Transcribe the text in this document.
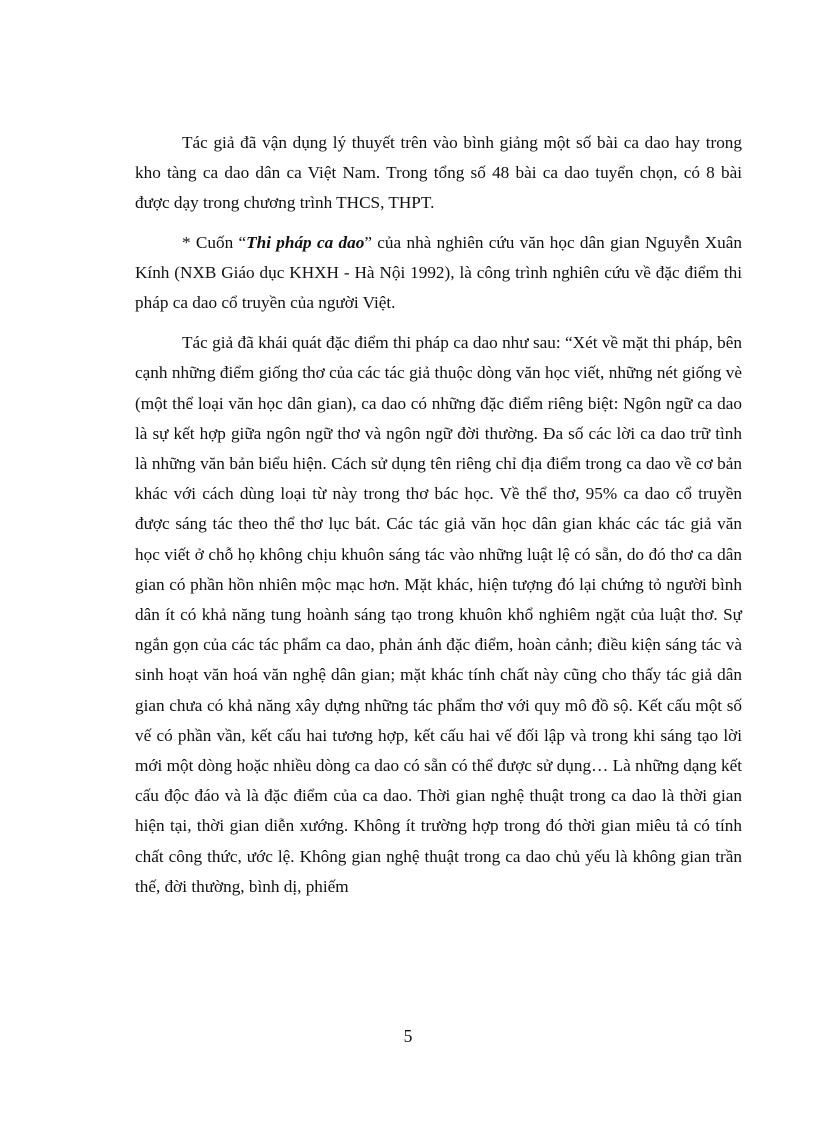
Tác giả đã vận dụng lý thuyết trên vào bình giảng một số bài ca dao hay trong kho tàng ca dao dân ca Việt Nam. Trong tổng số 48 bài ca dao tuyển chọn, có 8 bài được dạy trong chương trình THCS, THPT.

* Cuốn “Thi pháp ca dao” của nhà nghiên cứu văn học dân gian Nguyễn Xuân Kính (NXB Giáo dục KHXH - Hà Nội 1992), là công trình nghiên cứu về đặc điểm thi pháp ca dao cổ truyền của người Việt.

Tác giả đã khái quát đặc điểm thi pháp ca dao như sau: “Xét về mặt thi pháp, bên cạnh những điểm giống thơ của các tác giả thuộc dòng văn học viết, những nét giống vè (một thể loại văn học dân gian), ca dao có những đặc điểm riêng biệt: Ngôn ngữ ca dao là sự kết hợp giữa ngôn ngữ thơ và ngôn ngữ đời thường. Đa số các lời ca dao trữ tình là những văn bản biểu hiện. Cách sử dụng tên riêng chỉ địa điểm trong ca dao về cơ bản khác với cách dùng loại từ này trong thơ bác học. Về thể thơ, 95% ca dao cổ truyền được sáng tác theo thể thơ lục bát. Các tác giả văn học dân gian khác các tác giả văn học viết ở chỗ họ không chịu khuôn sáng tác vào những luật lệ có sẵn, do đó thơ ca dân gian có phần hồn nhiên mộc mạc hơn. Mặt khác, hiện tượng đó lại chứng tỏ người bình dân ít có khả năng tung hoành sáng tạo trong khuôn khổ nghiêm ngặt của luật thơ. Sự ngắn gọn của các tác phẩm ca dao, phản ánh đặc điểm, hoàn cảnh; điều kiện sáng tác và sinh hoạt văn hoá văn nghệ dân gian; mặt khác tính chất này cũng cho thấy tác giả dân gian chưa có khả năng xây dựng những tác phẩm thơ với quy mô đồ sộ. Kết cấu một số vế có phần vần, kết cấu hai tương hợp, kết cấu hai vế đối lập và trong khi sáng tạo lời mới một dòng hoặc nhiều dòng ca dao có sẵn có thể được sử dụng… Là những dạng kết cấu độc đáo và là đặc điểm của ca dao. Thời gian nghệ thuật trong ca dao là thời gian hiện tại, thời gian diễn xướng. Không ít trường hợp trong đó thời gian miêu tả có tính chất công thức, ước lệ. Không gian nghệ thuật trong ca dao chủ yếu là không gian trần thế, đời thường, bình dị, phiếm

5
